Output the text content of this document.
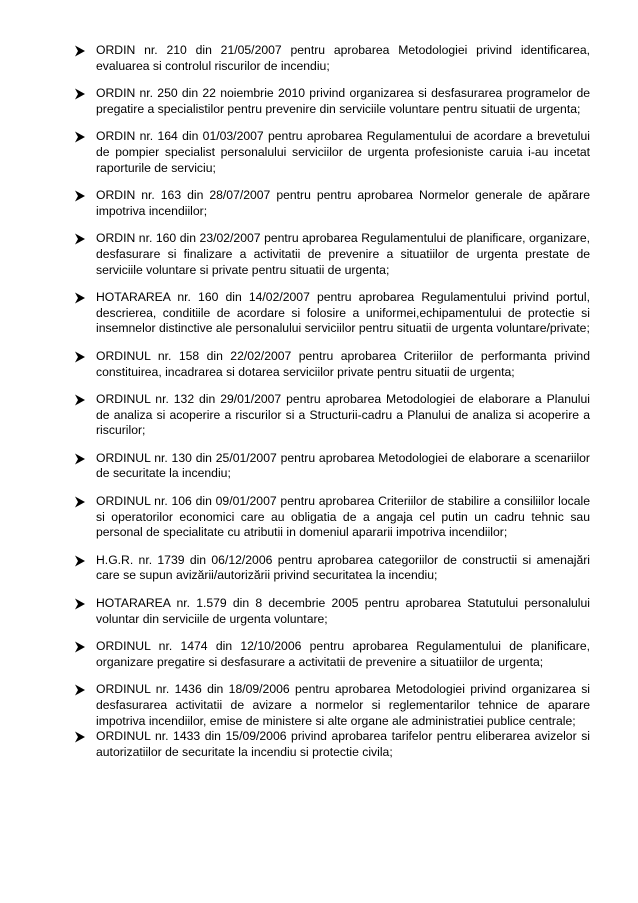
ORDIN nr. 210 din 21/05/2007 pentru aprobarea Metodologiei privind identificarea, evaluarea si controlul riscurilor de incendiu;
ORDIN nr. 250 din 22 noiembrie 2010 privind organizarea si desfasurarea programelor de pregatire a specialistilor pentru prevenire din serviciile voluntare pentru situatii de urgenta;
ORDIN nr. 164 din 01/03/2007 pentru aprobarea Regulamentului de acordare a brevetului de pompier specialist personalului serviciilor de urgenta profesioniste caruia i-au incetat raporturile de serviciu;
ORDIN nr. 163 din 28/07/2007 pentru pentru aprobarea Normelor generale de apărare impotriva incendiilor;
ORDIN nr. 160 din 23/02/2007 pentru aprobarea Regulamentului de planificare, organizare, desfasurare si finalizare a activitatii de prevenire a situatiilor de urgenta prestate de serviciile voluntare si private pentru situatii de urgenta;
HOTARAREA nr. 160 din 14/02/2007 pentru aprobarea Regulamentului privind portul, descrierea, conditiile de acordare si folosire a uniformei,echipamentului de protectie si insemnelor distinctive ale personalului serviciilor pentru situatii de urgenta voluntare/private;
ORDINUL nr. 158 din 22/02/2007 pentru aprobarea Criteriilor de performanta privind constituirea, incadrarea si dotarea serviciilor private pentru situatii de urgenta;
ORDINUL nr. 132 din 29/01/2007 pentru aprobarea Metodologiei de elaborare a Planului de analiza si acoperire a riscurilor si a Structurii-cadru a Planului de analiza si acoperire a riscurilor;
ORDINUL nr. 130 din 25/01/2007 pentru aprobarea Metodologiei de elaborare a scenariilor de securitate la incendiu;
ORDINUL nr. 106 din 09/01/2007 pentru aprobarea Criteriilor de stabilire a consiliilor locale si operatorilor economici care au obligatia de a angaja cel putin un cadru tehnic sau personal de specialitate cu atributii in domeniul apararii impotriva incendiilor;
H.G.R. nr. 1739 din 06/12/2006 pentru aprobarea categoriilor de constructii si amenajări care se supun avizării/autorizării privind securitatea la incendiu;
HOTARAREA nr. 1.579 din 8 decembrie 2005 pentru aprobarea Statutului personalului voluntar din serviciile de urgenta voluntare;
ORDINUL nr. 1474 din 12/10/2006 pentru aprobarea Regulamentului de planificare, organizare pregatire si desfasurare a activitatii de prevenire a situatiilor de urgenta;
ORDINUL nr. 1436 din 18/09/2006 pentru aprobarea Metodologiei privind organizarea si desfasurarea activitatii de avizare a normelor si reglementarilor tehnice de aparare impotriva incendiilor, emise de ministere si alte organe ale administratiei publice centrale;
ORDINUL nr. 1433 din 15/09/2006 privind aprobarea tarifelor pentru eliberarea avizelor si autorizatiilor de securitate la incendiu si protectie civila;
